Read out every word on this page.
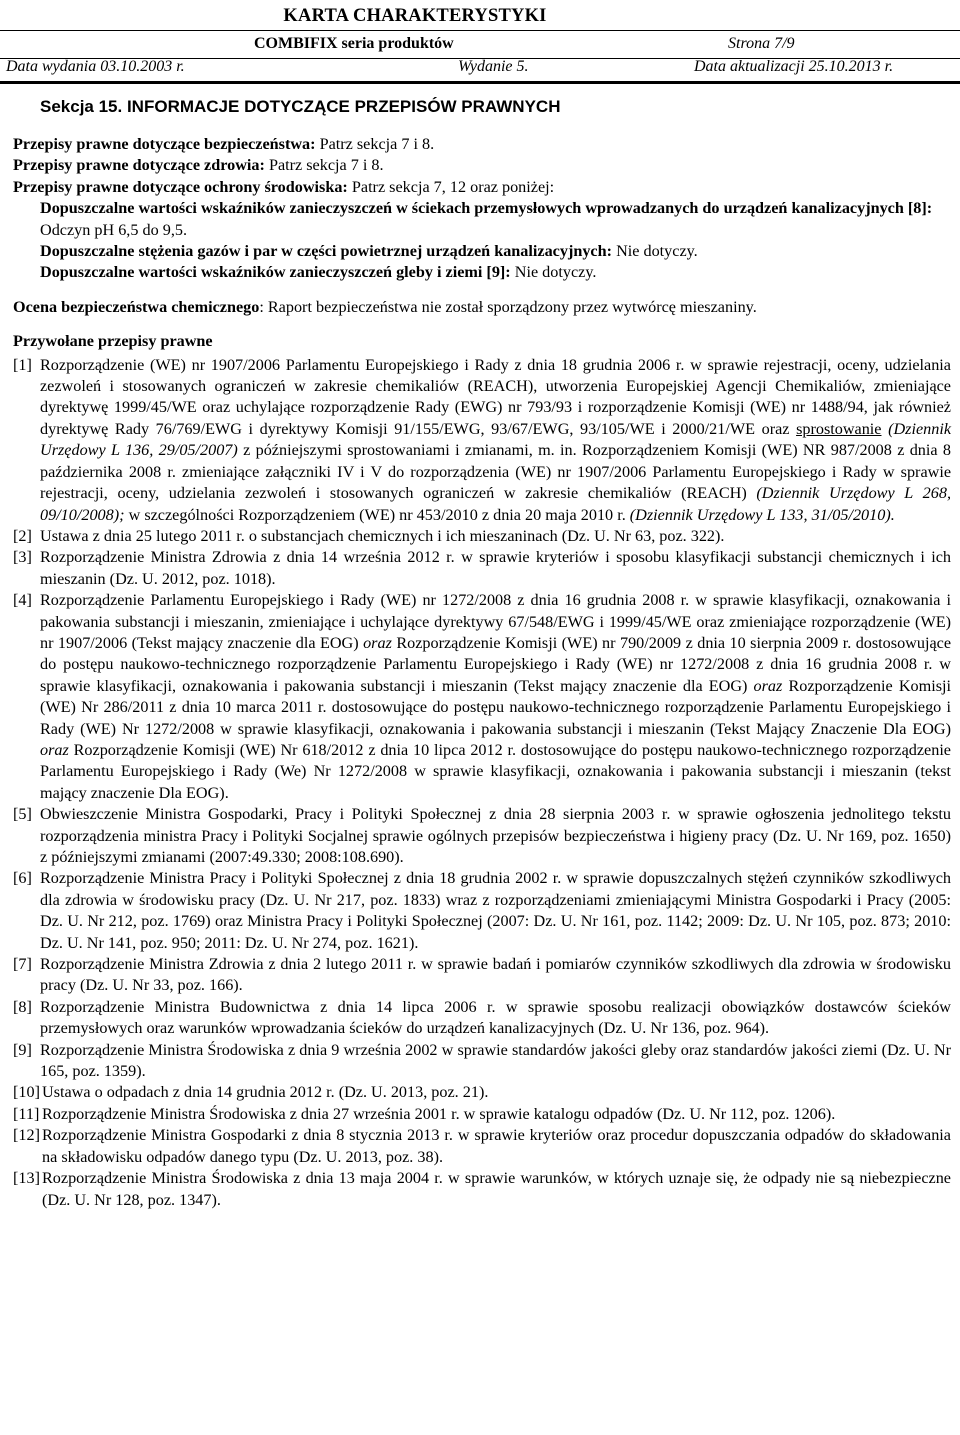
KARTA CHARAKTERYSTYKI
COMBIFIX seria produktów	Strona 7/9
Data wydania 03.10.2003 r.	Wydanie 5.	Data aktualizacji 25.10.2013 r.
Sekcja 15. INFORMACJE DOTYCZĄCE PRZEPISÓW PRAWNYCH

Przepisy prawne dotyczące bezpieczeństwa: Patrz sekcja 7 i 8.

Przepisy prawne dotyczące zdrowia: Patrz sekcja 7 i 8.

Przepisy prawne dotyczące ochrony środowiska: Patrz sekcja 7, 12 oraz poniżej:

Dopuszczalne wartości wskaźników zanieczyszczeń w ściekach przemysłowych wprowadzanych do urządzeń kanalizacyjnych [8]:

Odczyn pH 6,5 do 9,5.

Dopuszczalne stężenia gazów i par w części powietrznej urządzeń kanalizacyjnych: Nie dotyczy.

Dopuszczalne wartości wskaźników zanieczyszczeń gleby i ziemi [9]: Nie dotyczy.

Ocena bezpieczeństwa chemicznego: Raport bezpieczeństwa nie został sporządzony przez wytwórcę mieszaniny.

Przywołane przepisy prawne

[1] Rozporządzenie (WE) nr 1907/2006 Parlamentu Europejskiego i Rady z dnia 18 grudnia 2006 r. w sprawie rejestracji, oceny, udzielania zezwoleń i stosowanych ograniczeń w zakresie chemikaliów (REACH), utworzenia Europejskiej Agencji Chemikaliów, zmieniające dyrektywę 1999/45/WE oraz uchylające rozporządzenie Rady (EWG) nr 793/93 i rozporządzenie Komisji (WE) nr 1488/94, jak również dyrektywę Rady 76/769/EWG i dyrektywy Komisji 91/155/EWG, 93/67/EWG, 93/105/WE i 2000/21/WE oraz sprostowanie (Dziennik Urzędowy L 136, 29/05/2007) z późniejszymi sprostowaniami i zmianami, m. in. Rozporządzeniem Komisji (WE) NR 987/2008 z dnia 8 października 2008 r. zmieniające załączniki IV i V do rozporządzenia (WE) nr 1907/2006 Parlamentu Europejskiego i Rady w sprawie rejestracji, oceny, udzielania zezwoleń i stosowanych ograniczeń w zakresie chemikaliów (REACH) (Dziennik Urzędowy L 268, 09/10/2008); w szczególności Rozporządzeniem (WE) nr 453/2010 z dnia 20 maja 2010 r. (Dziennik Urzędowy L 133, 31/05/2010).
[2] Ustawa z dnia 25 lutego 2011 r. o substancjach chemicznych i ich mieszaninach (Dz. U. Nr 63, poz. 322).
[3] Rozporządzenie Ministra Zdrowia z dnia 14 września 2012 r. w sprawie kryteriów i sposobu klasyfikacji substancji chemicznych i ich mieszanin (Dz. U. 2012, poz. 1018).
[4] Rozporządzenie Parlamentu Europejskiego i Rady (WE) nr 1272/2008 z dnia 16 grudnia 2008 r. w sprawie klasyfikacji, oznakowania i pakowania substancji i mieszanin, zmieniające i uchylające dyrektywy 67/548/EWG i 1999/45/WE oraz zmieniające rozporządzenie (WE) nr 1907/2006 (Tekst mający znaczenie dla EOG) oraz Rozporządzenie Komisji (WE) nr 790/2009 z dnia 10 sierpnia 2009 r. dostosowujące do postępu naukowo-technicznego rozporządzenie Parlamentu Europejskiego i Rady (WE) nr 1272/2008 z dnia 16 grudnia 2008 r. w sprawie klasyfikacji, oznakowania i pakowania substancji i mieszanin (Tekst mający znaczenie dla EOG) oraz Rozporządzenie Komisji (WE) Nr 286/2011 z dnia 10 marca 2011 r. dostosowujące do postępu naukowo-technicznego rozporządzenie Parlamentu Europejskiego i Rady (WE) Nr 1272/2008 w sprawie klasyfikacji, oznakowania i pakowania substancji i mieszanin (Tekst Mający Znaczenie Dla EOG) oraz Rozporządzenie Komisji (WE) Nr 618/2012 z dnia 10 lipca 2012 r. dostosowujące do postępu naukowo-technicznego rozporządzenie Parlamentu Europejskiego i Rady (We) Nr 1272/2008 w sprawie klasyfikacji, oznakowania i pakowania substancji i mieszanin (tekst mający znaczenie Dla EOG).
[5] Obwieszczenie Ministra Gospodarki, Pracy i Polityki Społecznej z dnia 28 sierpnia 2003 r. w sprawie ogłoszenia jednolitego tekstu rozporządzenia ministra Pracy i Polityki Socjalnej sprawie ogólnych przepisów bezpieczeństwa i higieny pracy (Dz. U. Nr 169, poz. 1650) z późniejszymi zmianami (2007:49.330; 2008:108.690).
[6] Rozporządzenie Ministra Pracy i Polityki Społecznej z dnia 18 grudnia 2002 r. w sprawie dopuszczalnych stężeń czynników szkodliwych dla zdrowia w środowisku pracy (Dz. U. Nr 217, poz. 1833) wraz z rozporządzeniami zmieniającymi Ministra Gospodarki i Pracy (2005: Dz. U. Nr 212, poz. 1769) oraz Ministra Pracy i Polityki Społecznej (2007: Dz. U. Nr 161, poz. 1142; 2009: Dz. U. Nr 105, poz. 873; 2010: Dz. U. Nr 141, poz. 950; 2011: Dz. U. Nr 274, poz. 1621).
[7] Rozporządzenie Ministra Zdrowia z dnia 2 lutego 2011 r. w sprawie badań i pomiarów czynników szkodliwych dla zdrowia w środowisku pracy (Dz. U. Nr 33, poz. 166).
[8] Rozporządzenie Ministra Budownictwa z dnia 14 lipca 2006 r. w sprawie sposobu realizacji obowiązków dostawców ścieków przemysłowych oraz warunków wprowadzania ścieków do urządzeń kanalizacyjnych (Dz. U. Nr 136, poz. 964).
[9] Rozporządzenie Ministra Środowiska z dnia 9 września 2002 w sprawie standardów jakości gleby oraz standardów jakości ziemi (Dz. U. Nr 165, poz. 1359).
[10] Ustawa o odpadach z dnia 14 grudnia 2012 r. (Dz. U. 2013, poz. 21).
[11] Rozporządzenie Ministra Środowiska z dnia 27 września 2001 r. w sprawie katalogu odpadów (Dz. U. Nr 112, poz. 1206).
[12] Rozporządzenie Ministra Gospodarki z dnia 8 stycznia 2013 r. w sprawie kryteriów oraz procedur dopuszczania odpadów do składowania na składowisku odpadów danego typu (Dz. U. 2013, poz. 38).
[13] Rozporządzenie Ministra Środowiska z dnia 13 maja 2004 r. w sprawie warunków, w których uznaje się, że odpady nie są niebezpieczne (Dz. U. Nr 128, poz. 1347).
